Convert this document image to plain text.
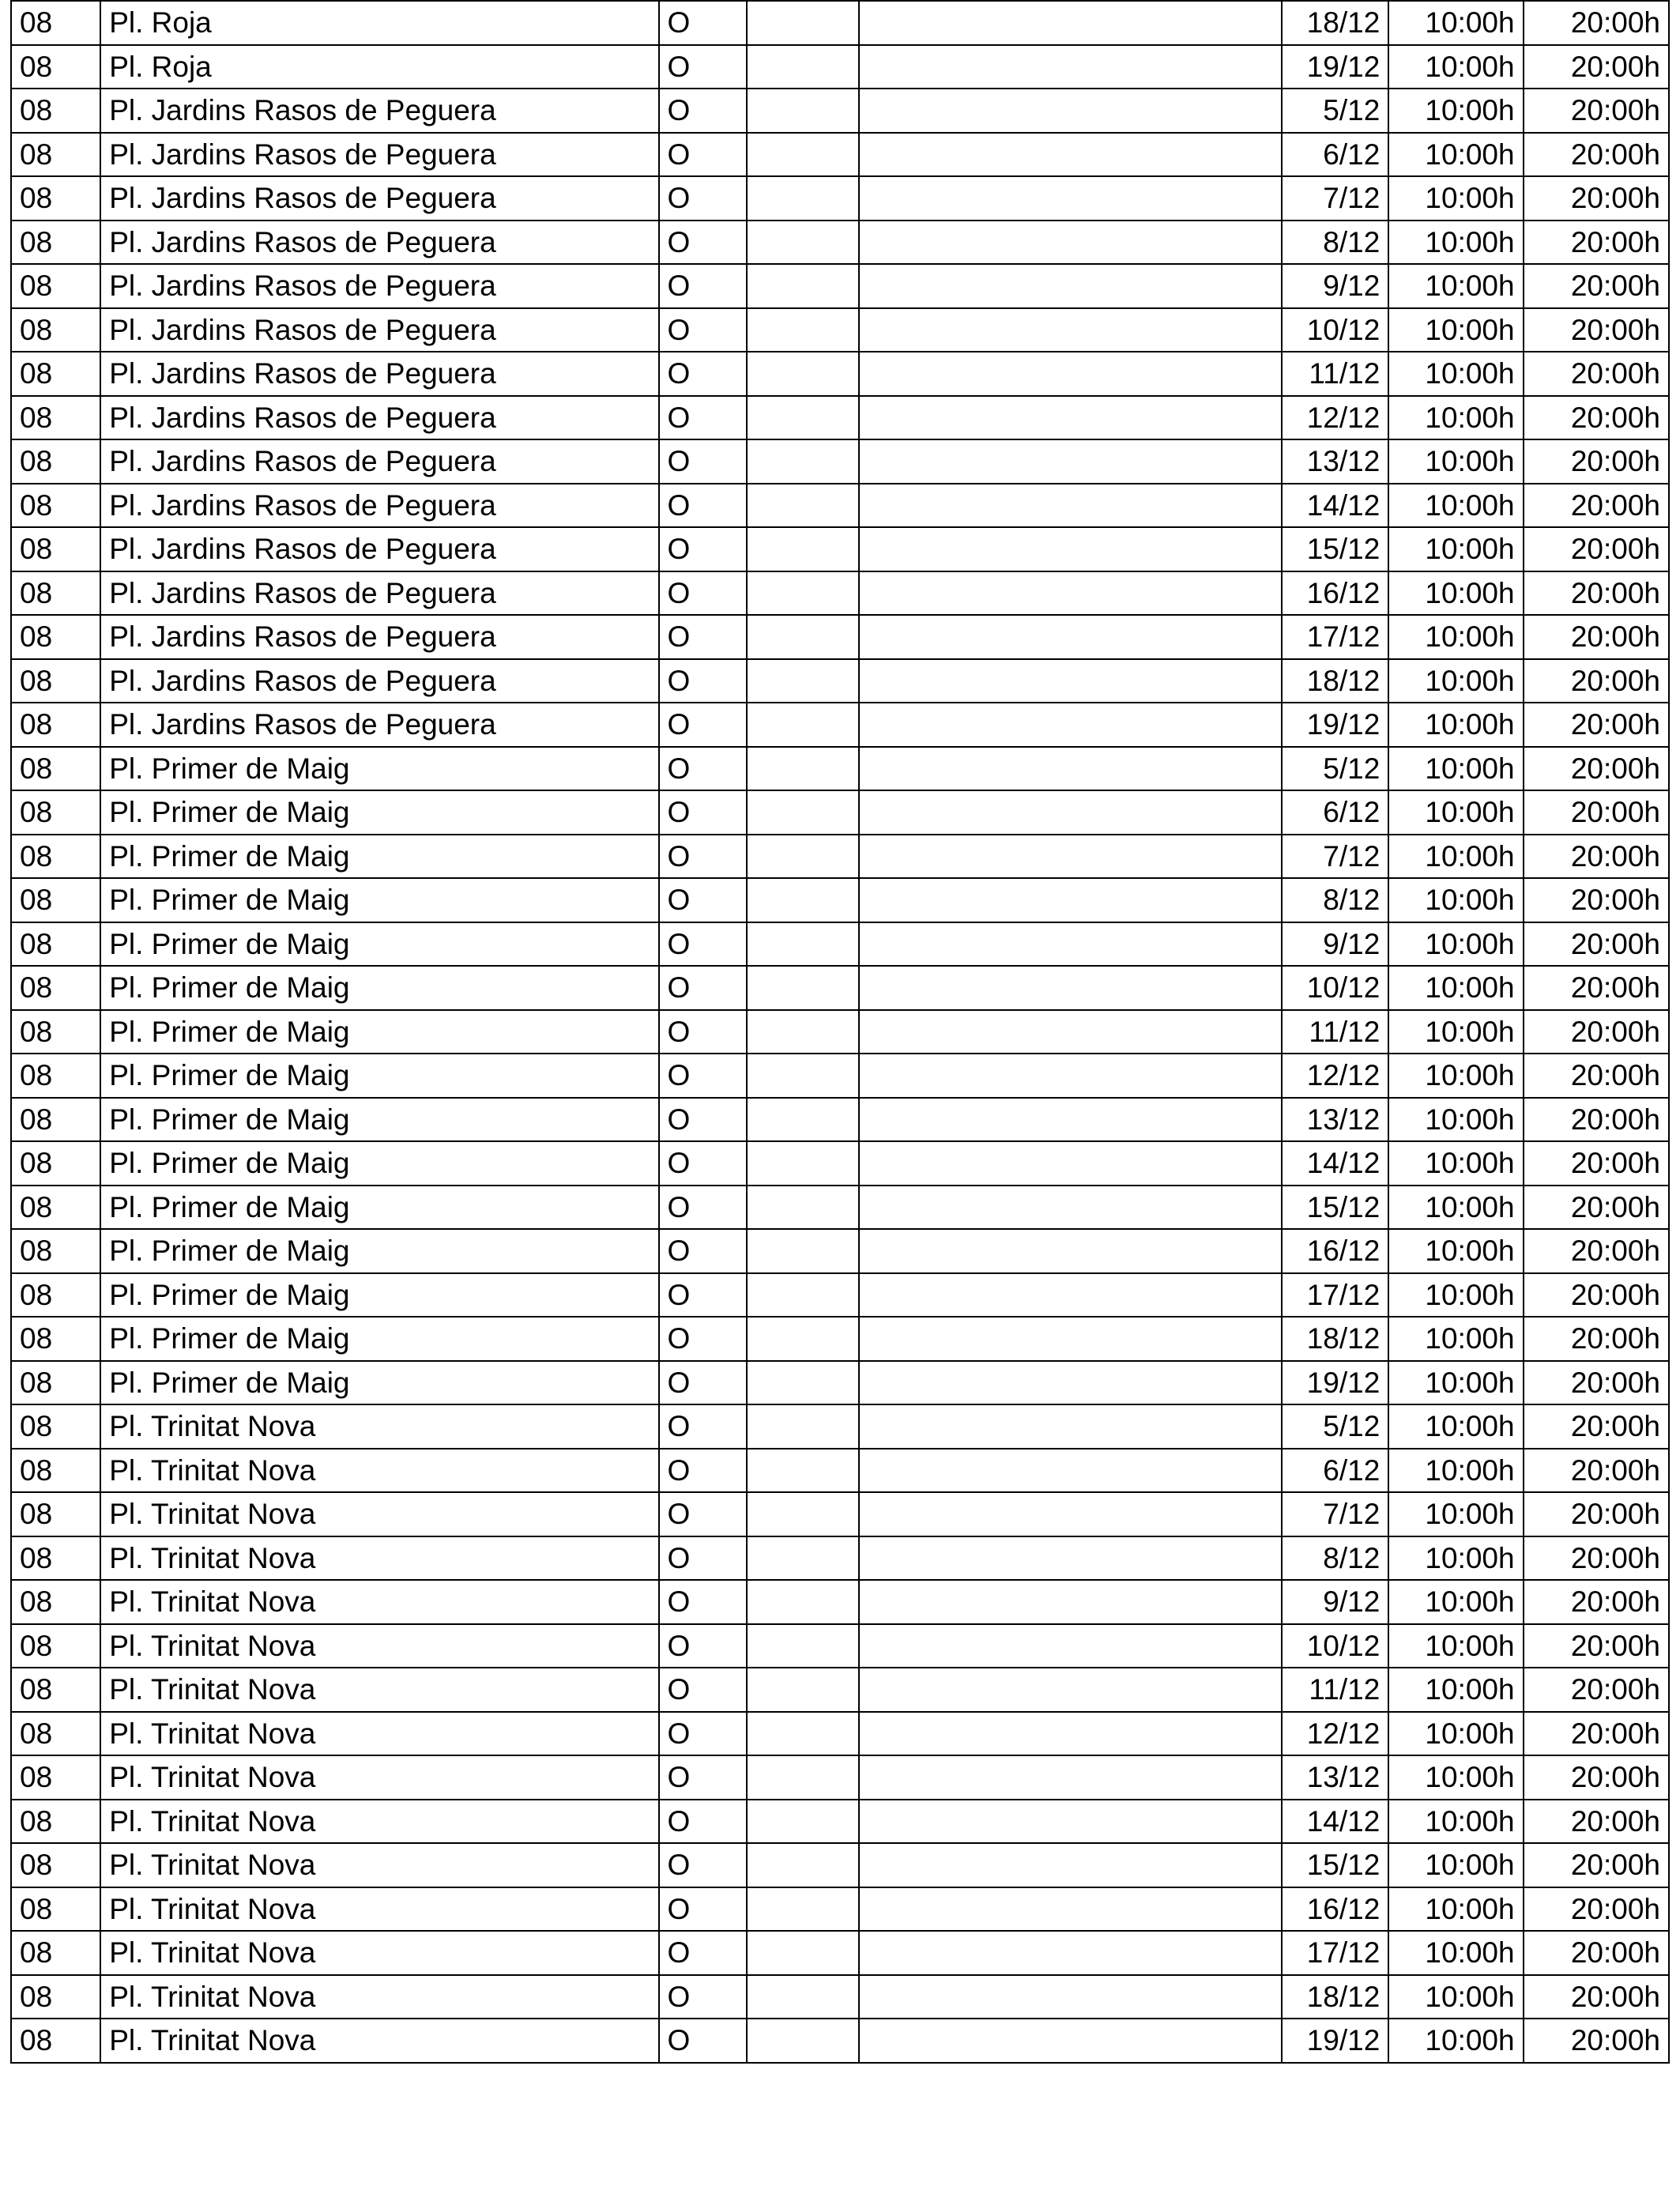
08	Pl. Roja	O			18/12	10:00h	20:00h
08	Pl. Roja	O			19/12	10:00h	20:00h
08	Pl. Jardins Rasos de Peguera	O			5/12	10:00h	20:00h
08	Pl. Jardins Rasos de Peguera	O			6/12	10:00h	20:00h
08	Pl. Jardins Rasos de Peguera	O			7/12	10:00h	20:00h
08	Pl. Jardins Rasos de Peguera	O			8/12	10:00h	20:00h
08	Pl. Jardins Rasos de Peguera	O			9/12	10:00h	20:00h
08	Pl. Jardins Rasos de Peguera	O			10/12	10:00h	20:00h
08	Pl. Jardins Rasos de Peguera	O			11/12	10:00h	20:00h
08	Pl. Jardins Rasos de Peguera	O			12/12	10:00h	20:00h
08	Pl. Jardins Rasos de Peguera	O			13/12	10:00h	20:00h
08	Pl. Jardins Rasos de Peguera	O			14/12	10:00h	20:00h
08	Pl. Jardins Rasos de Peguera	O			15/12	10:00h	20:00h
08	Pl. Jardins Rasos de Peguera	O			16/12	10:00h	20:00h
08	Pl. Jardins Rasos de Peguera	O			17/12	10:00h	20:00h
08	Pl. Jardins Rasos de Peguera	O			18/12	10:00h	20:00h
08	Pl. Jardins Rasos de Peguera	O			19/12	10:00h	20:00h
08	Pl. Primer de Maig	O			5/12	10:00h	20:00h
08	Pl. Primer de Maig	O			6/12	10:00h	20:00h
08	Pl. Primer de Maig	O			7/12	10:00h	20:00h
08	Pl. Primer de Maig	O			8/12	10:00h	20:00h
08	Pl. Primer de Maig	O			9/12	10:00h	20:00h
08	Pl. Primer de Maig	O			10/12	10:00h	20:00h
08	Pl. Primer de Maig	O			11/12	10:00h	20:00h
08	Pl. Primer de Maig	O			12/12	10:00h	20:00h
08	Pl. Primer de Maig	O			13/12	10:00h	20:00h
08	Pl. Primer de Maig	O			14/12	10:00h	20:00h
08	Pl. Primer de Maig	O			15/12	10:00h	20:00h
08	Pl. Primer de Maig	O			16/12	10:00h	20:00h
08	Pl. Primer de Maig	O			17/12	10:00h	20:00h
08	Pl. Primer de Maig	O			18/12	10:00h	20:00h
08	Pl. Primer de Maig	O			19/12	10:00h	20:00h
08	Pl. Trinitat Nova	O			5/12	10:00h	20:00h
08	Pl. Trinitat Nova	O			6/12	10:00h	20:00h
08	Pl. Trinitat Nova	O			7/12	10:00h	20:00h
08	Pl. Trinitat Nova	O			8/12	10:00h	20:00h
08	Pl. Trinitat Nova	O			9/12	10:00h	20:00h
08	Pl. Trinitat Nova	O			10/12	10:00h	20:00h
08	Pl. Trinitat Nova	O			11/12	10:00h	20:00h
08	Pl. Trinitat Nova	O			12/12	10:00h	20:00h
08	Pl. Trinitat Nova	O			13/12	10:00h	20:00h
08	Pl. Trinitat Nova	O			14/12	10:00h	20:00h
08	Pl. Trinitat Nova	O			15/12	10:00h	20:00h
08	Pl. Trinitat Nova	O			16/12	10:00h	20:00h
08	Pl. Trinitat Nova	O			17/12	10:00h	20:00h
08	Pl. Trinitat Nova	O			18/12	10:00h	20:00h
08	Pl. Trinitat Nova	O			19/12	10:00h	20:00h
